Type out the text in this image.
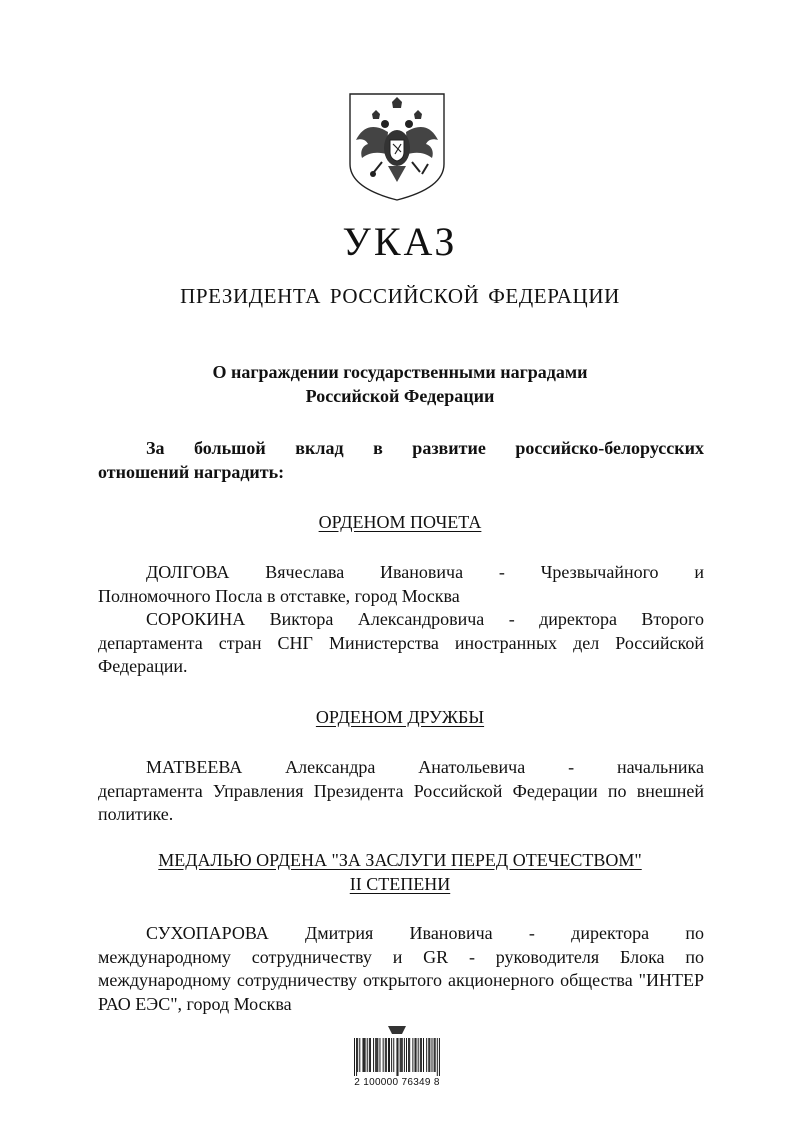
УКАЗ
ПРЕЗИДЕНТА РОССИЙСКОЙ ФЕДЕРАЦИИ
О награждении государственными наградами
Российской Федерации
За большой вклад в развитие российско-белорусских
отношений наградить:
ОРДЕНОМ ПОЧЕТА
ДОЛГОВА Вячеслава Ивановича - Чрезвычайного и
Полномочного Посла в отставке, город Москва
СОРОКИНА Виктора Александровича - директора Второго
департамента стран СНГ Министерства иностранных дел Российской Федерации.
ОРДЕНОМ ДРУЖБЫ
МАТВЕЕВА Александра Анатольевича - начальника
департамента Управления Президента Российской Федерации по внешней политике.
МЕДАЛЬЮ ОРДЕНА "ЗА ЗАСЛУГИ ПЕРЕД ОТЕЧЕСТВОМ"
II СТЕПЕНИ
СУХОПАРОВА Дмитрия Ивановича - директора по
международному сотрудничеству и GR - руководителя Блока по международному сотрудничеству открытого акционерного общества "ИНТЕР РАО ЕЭС", город Москва
2 100000 76349 8
